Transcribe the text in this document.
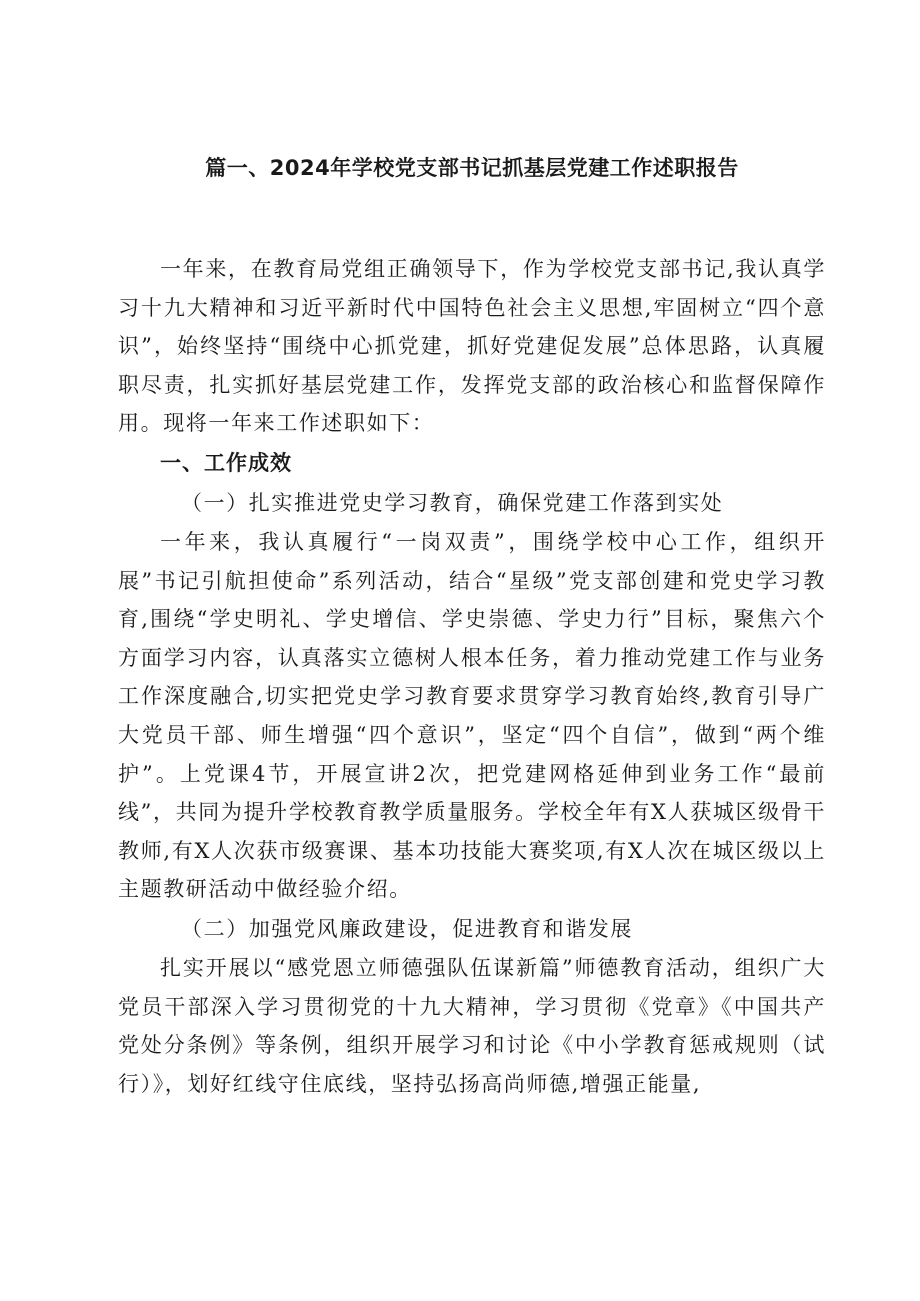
篇一、2024年学校党支部书记抓基层党建工作述职报告

一年来，在教育局党组正确领导下，作为学校党支部书记,我认真学习十九大精神和习近平新时代中国特色社会主义思想,牢固树立“四个意识”，始终坚持“围绕中心抓党建，抓好党建促发展”总体思路，认真履职尽责，扎实抓好基层党建工作，发挥党支部的政治核心和监督保障作用。现将一年来工作述职如下：

一、工作成效

（一）扎实推进党史学习教育，确保党建工作落到实处

一年来，我认真履行“一岗双责”，围绕学校中心工作，组织开展”书记引航担使命”系列活动，结合“星级”党支部创建和党史学习教育,围绕“学史明礼、学史增信、学史崇德、学史力行”目标，聚焦六个方面学习内容，认真落实立德树人根本任务，着力推动党建工作与业务工作深度融合,切实把党史学习教育要求贯穿学习教育始终,教育引导广大党员干部、师生增强“四个意识”，坚定“四个自信”，做到“两个维护”。上党课4节，开展宣讲2次，把党建网格延伸到业务工作“最前线”，共同为提升学校教育教学质量服务。学校全年有X人获城区级骨干教师,有X人次获市级赛课、基本功技能大赛奖项,有X人次在城区级以上主题教研活动中做经验介绍。

（二）加强党风廉政建设，促进教育和谐发展

扎实开展以“感党恩立师德强队伍谋新篇”师德教育活动，组织广大党员干部深入学习贯彻党的十九大精神，学习贯彻《党章》《中国共产党处分条例》等条例，组织开展学习和讨论《中小学教育惩戒规则（试行）》，划好红线守住底线，坚持弘扬高尚师德,增强正能量,
